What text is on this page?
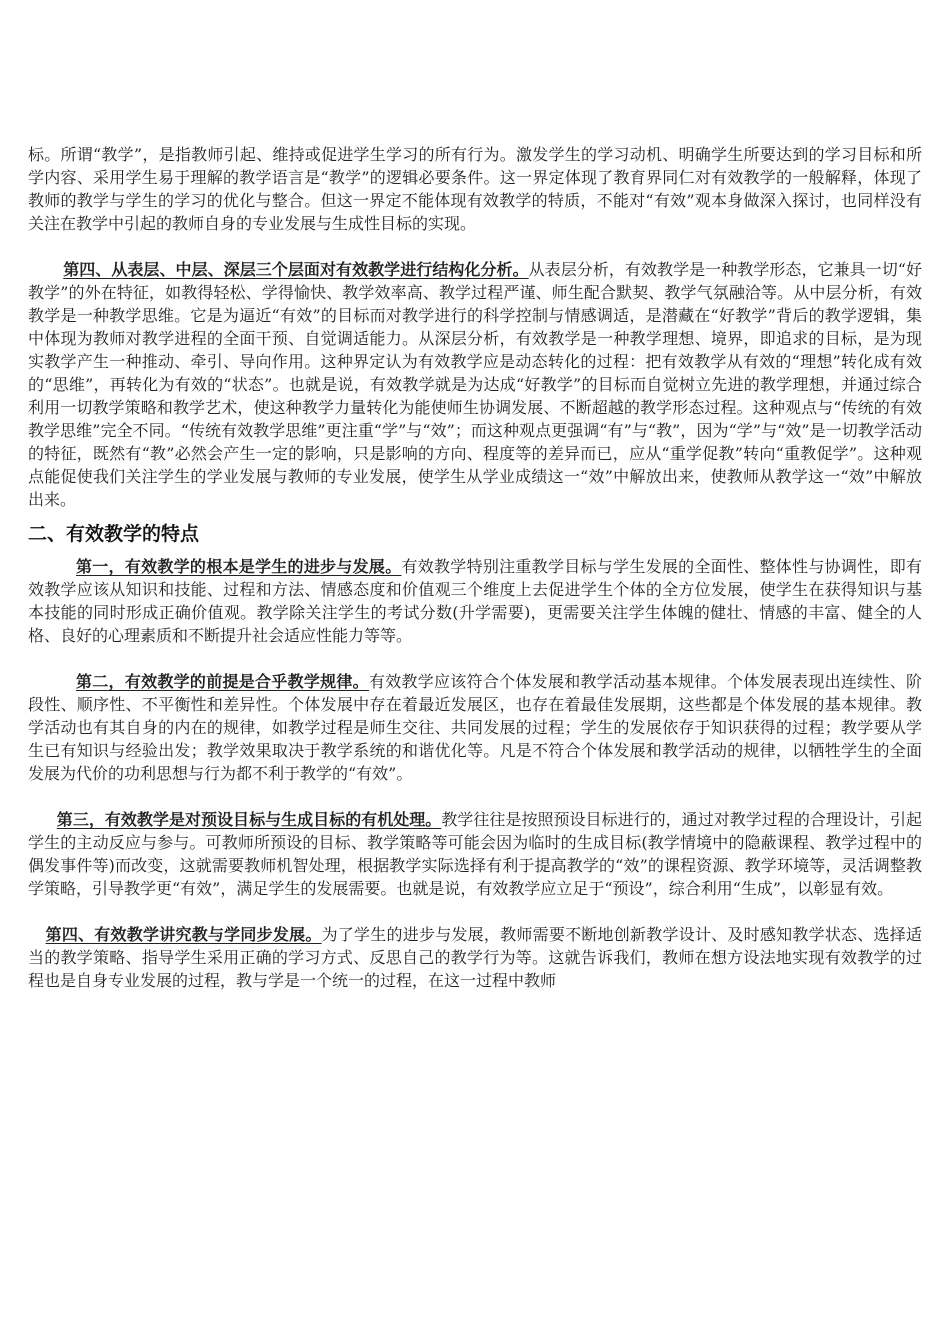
标。所谓“教学”，是指教师引起、维持或促进学生学习的所有行为。激发学生的学习动机、明确学生所要达到的学习目标和所学内容、采用学生易于理解的教学语言是“教学”的逻辑必要条件。这一界定体现了教育界同仁对有效教学的一般解释，体现了教师的教学与学生的学习的优化与整合。但这一界定不能体现有效教学的特质，不能对“有效”观本身做深入探讨，也同样没有关注在教学中引起的教师自身的专业发展与生成性目标的实现。

第四、从表层、中层、深层三个层面对有效教学进行结构化分析。从表层分析，有效教学是一种教学形态，它兼具一切“好教学”的外在特征，如教得轻松、学得愉快、教学效率高、教学过程严谨、师生配合默契、教学气氛融洽等。从中层分析，有效教学是一种教学思维。它是为逼近“有效”的目标而对教学进行的科学控制与情感调适，是潜藏在“好教学”背后的教学逻辑，集中体现为教师对教学进程的全面干预、自觉调适能力。从深层分析，有效教学是一种教学理想、境界，即追求的目标，是为现实教学产生一种推动、牵引、导向作用。这种界定认为有效教学应是动态转化的过程：把有效教学从有效的“理想”转化成有效的“思维”，再转化为有效的“状态”。也就是说，有效教学就是为达成“好教学”的目标而自觉树立先进的教学理想，并通过综合利用一切教学策略和教学艺术，使这种教学力量转化为能使师生协调发展、不断超越的教学形态过程。这种观点与“传统的有效教学思维”完全不同。“传统有效教学思维”更注重“学”与“效”；而这种观点更强调“有”与“教”，因为“学”与“效”是一切教学活动的特征，既然有“教”必然会产生一定的影响，只是影响的方向、程度等的差异而已，应从“重学促教”转向“重教促学”。这种观点能促使我们关注学生的学业发展与教师的专业发展，使学生从学业成绩这一“效”中解放出来，使教师从教学这一“效”中解放出来。

二、有效教学的特点

第一，有效教学的根本是学生的进步与发展。有效教学特别注重教学目标与学生发展的全面性、整体性与协调性，即有效教学应该从知识和技能、过程和方法、情感态度和价值观三个维度上去促进学生个体的全方位发展，使学生在获得知识与基本技能的同时形成正确价值观。教学除关注学生的考试分数(升学需要)，更需要关注学生体魄的健壮、情感的丰富、健全的人格、良好的心理素质和不断提升社会适应性能力等等。

第二，有效教学的前提是合乎教学规律。有效教学应该符合个体发展和教学活动基本规律。个体发展表现出连续性、阶段性、顺序性、不平衡性和差异性。个体发展中存在着最近发展区，也存在着最佳发展期，这些都是个体发展的基本规律。教学活动也有其自身的内在的规律，如教学过程是师生交往、共同发展的过程；学生的发展依存于知识获得的过程；教学要从学生已有知识与经验出发；教学效果取决于教学系统的和谐优化等。凡是不符合个体发展和教学活动的规律，以牺牲学生的全面发展为代价的功利思想与行为都不利于教学的“有效”。

第三，有效教学是对预设目标与生成目标的有机处理。教学往往是按照预设目标进行的，通过对教学过程的合理设计，引起学生的主动反应与参与。可教师所预设的目标、教学策略等可能会因为临时的生成目标(教学情境中的隐蔽课程、教学过程中的偶发事件等)而改变，这就需要教师机智处理，根据教学实际选择有利于提高教学的“效”的课程资源、教学环境等，灵活调整教学策略，引导教学更“有效”，满足学生的发展需要。也就是说，有效教学应立足于“预设”，综合利用“生成”，以彰显有效。

第四、有效教学讲究教与学同步发展。为了学生的进步与发展，教师需要不断地创新教学设计、及时感知教学状态、选择适当的教学策略、指导学生采用正确的学习方式、反思自己的教学行为等。这就告诉我们，教师在想方设法地实现有效教学的过程也是自身专业发展的过程，教与学是一个统一的过程，在这一过程中教师
